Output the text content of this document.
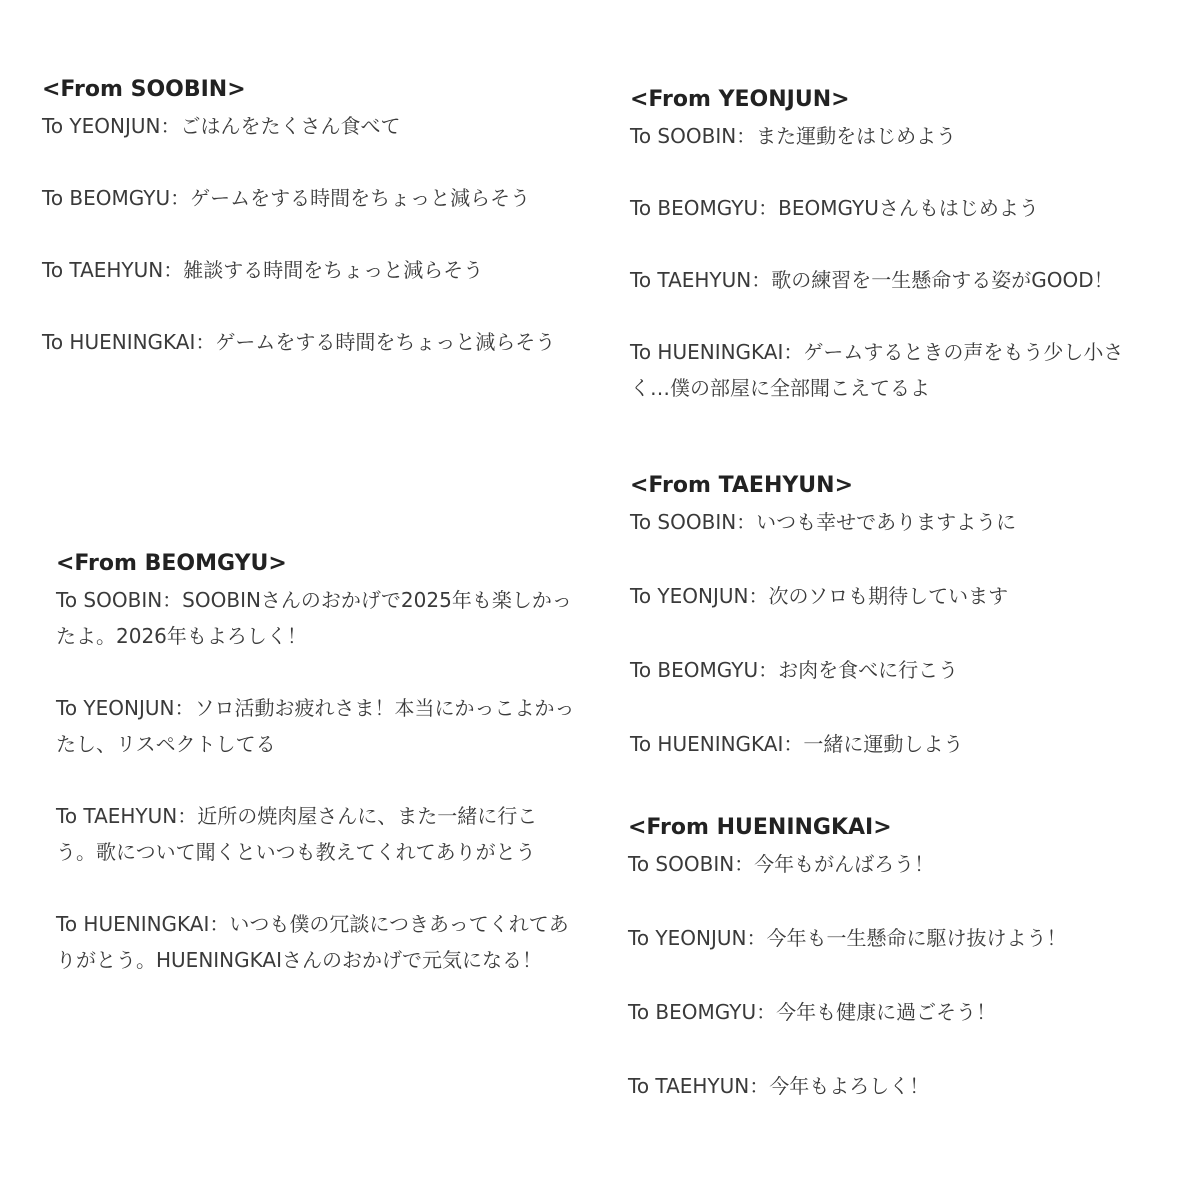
<From SOOBIN>

To YEONJUN：ごはんをたくさん食べて

To BEOMGYU：ゲームをする時間をちょっと減らそう

To TAEHYUN：雑談する時間をちょっと減らそう

To HUENINGKAI：ゲームをする時間をちょっと減らそう

<From BEOMGYU>

To SOOBIN：SOOBINさんのおかげで2025年も楽しかったよ。2026年もよろしく！

To YEONJUN：ソロ活動お疲れさま！本当にかっこよかったし、リスペクトしてる

To TAEHYUN：近所の焼肉屋さんに、また一緒に行こう。歌について聞くといつも教えてくれてありがとう

To HUENINGKAI：いつも僕の冗談につきあってくれてありがとう。HUENINGKAIさんのおかげで元気になる！

<From YEONJUN>

To SOOBIN：また運動をはじめよう

To BEOMGYU：BEOMGYUさんもはじめよう

To TAEHYUN：歌の練習を一生懸命する姿がGOOD！

To HUENINGKAI：ゲームするときの声をもう少し小さく…僕の部屋に全部聞こえてるよ

<From TAEHYUN>

To SOOBIN：いつも幸せでありますように

To YEONJUN：次のソロも期待しています

To BEOMGYU：お肉を食べに行こう

To HUENINGKAI：一緒に運動しよう

<From HUENINGKAI>

To SOOBIN：今年もがんばろう！

To YEONJUN：今年も一生懸命に駆け抜けよう！

To BEOMGYU：今年も健康に過ごそう！

To TAEHYUN：今年もよろしく！
